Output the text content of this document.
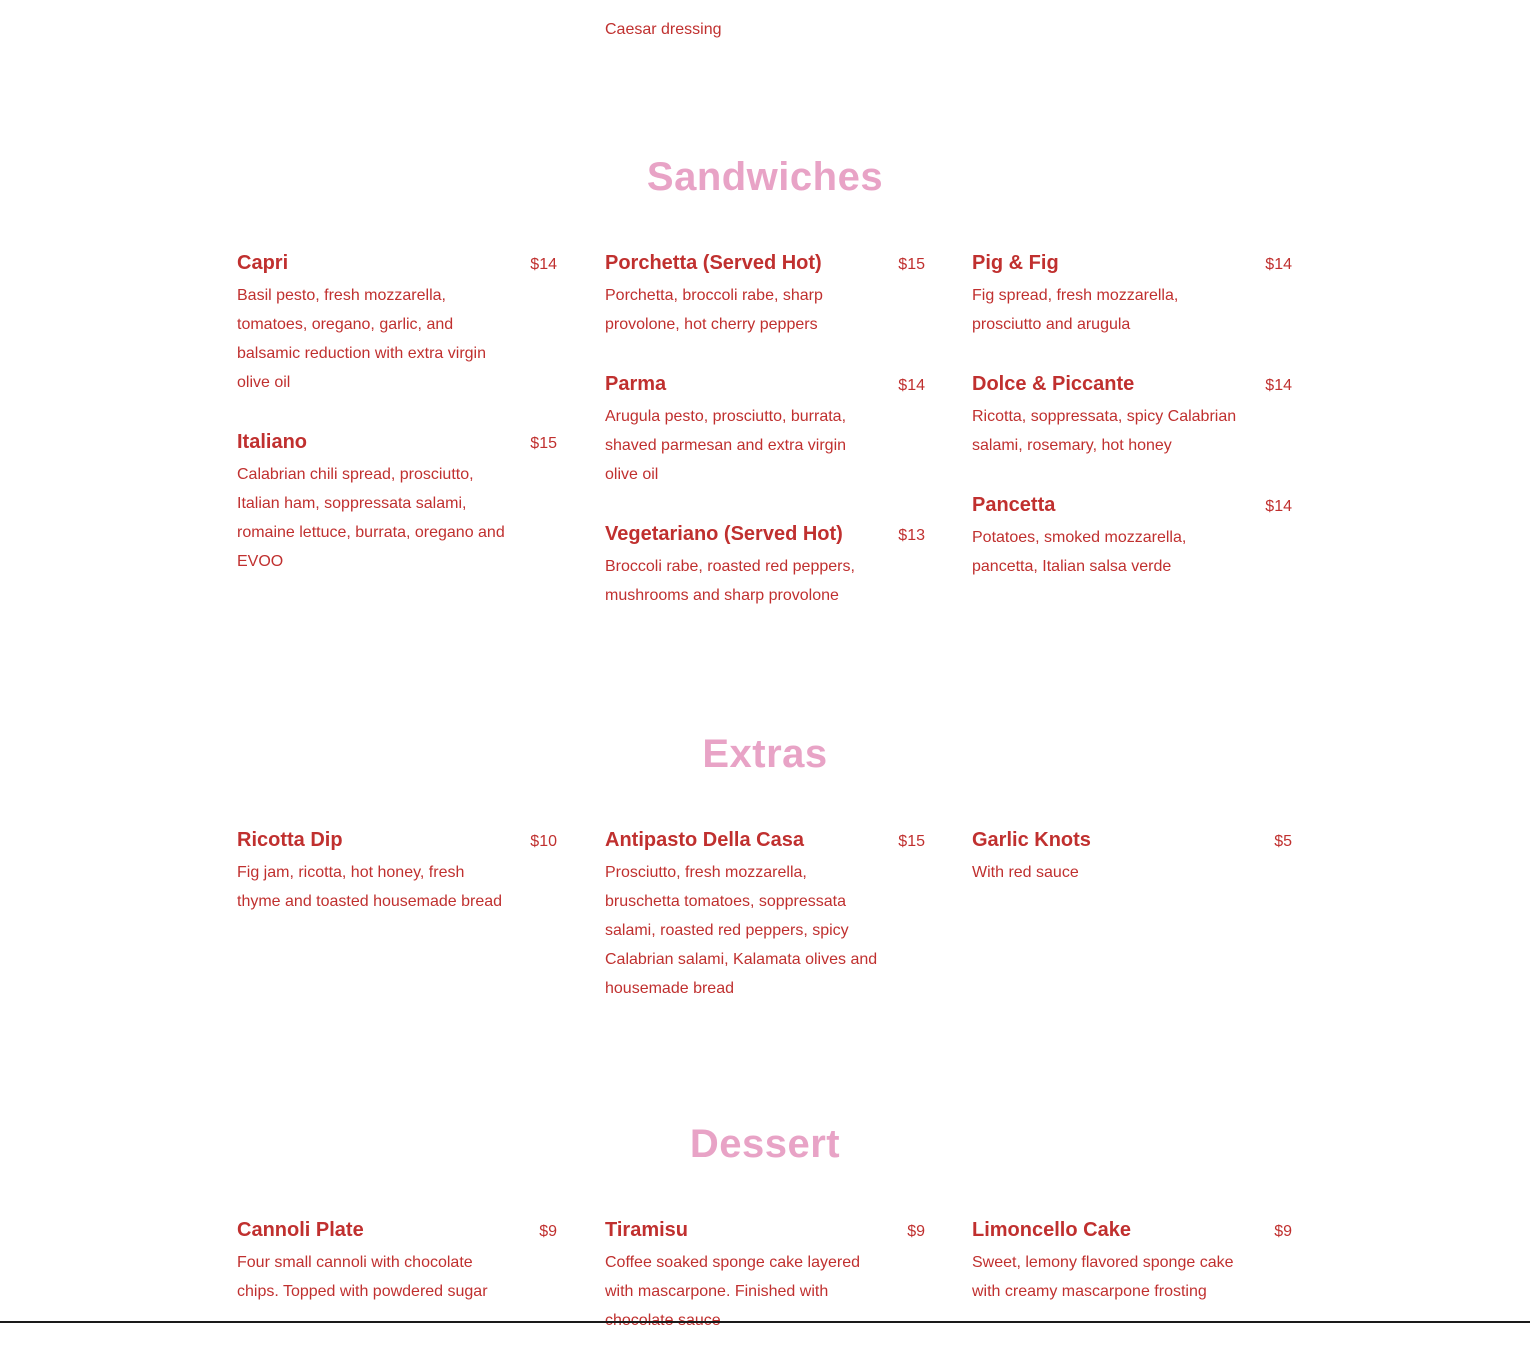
Caesar dressing
Sandwiches
Capri	$14
Basil pesto, fresh mozzarella, tomatoes, oregano, garlic, and balsamic reduction with extra virgin olive oil
Italiano	$15
Calabrian chili spread, prosciutto, Italian ham, soppressata salami, romaine lettuce, burrata, oregano and EVOO
Porchetta (Served Hot)	$15
Porchetta, broccoli rabe, sharp provolone, hot cherry peppers
Parma	$14
Arugula pesto, prosciutto, burrata, shaved parmesan and extra virgin olive oil
Vegetariano (Served Hot)	$13
Broccoli rabe, roasted red peppers, mushrooms and sharp provolone
Pig & Fig	$14
Fig spread, fresh mozzarella, prosciutto and arugula
Dolce & Piccante	$14
Ricotta, soppressata, spicy Calabrian salami, rosemary, hot honey
Pancetta	$14
Potatoes, smoked mozzarella, pancetta, Italian salsa verde
Extras
Ricotta Dip	$10
Fig jam, ricotta, hot honey, fresh thyme and toasted housemade bread
Antipasto Della Casa	$15
Prosciutto, fresh mozzarella, bruschetta tomatoes, soppressata salami, roasted red peppers, spicy Calabrian salami, Kalamata olives and housemade bread
Garlic Knots	$5
With red sauce
Dessert
Cannoli Plate	$9
Four small cannoli with chocolate chips. Topped with powdered sugar
Tiramisu	$9
Coffee soaked sponge cake layered with mascarpone. Finished with
Limoncello Cake	$9
Sweet, lemony flavored sponge cake with creamy mascarpone frosting
